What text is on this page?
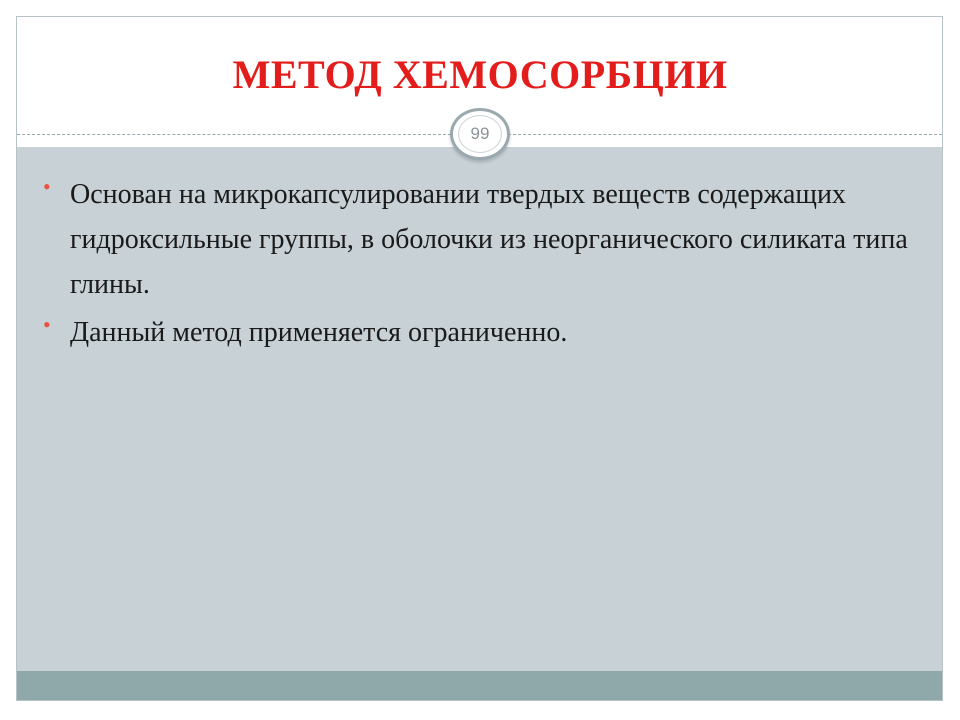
МЕТОД ХЕМОСОРБЦИИ
99
• Основан на микрокапсулировании твердых веществ содержащих гидроксильные группы, в оболочки из неорганического силиката типа глины.
• Данный метод применяется ограниченно.
